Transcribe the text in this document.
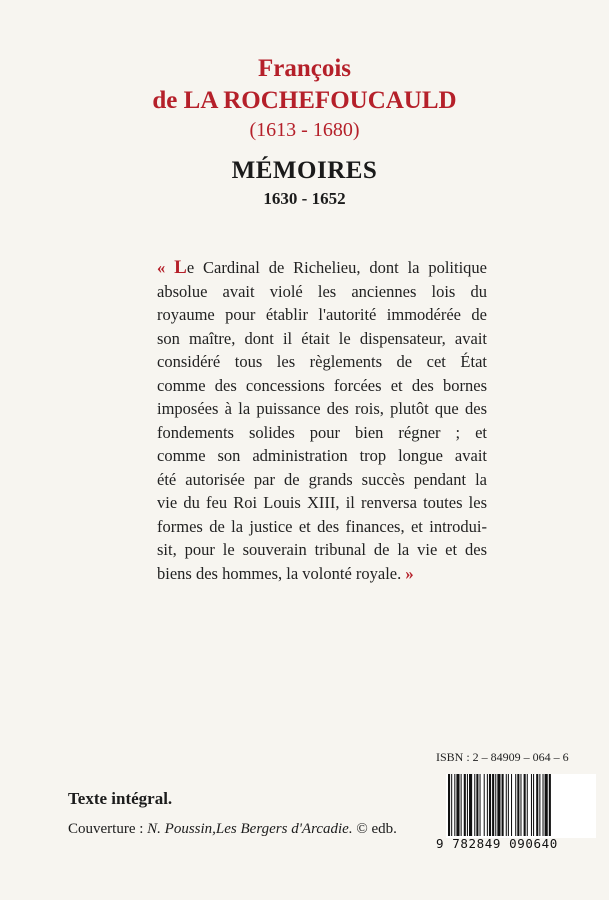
François
de LA ROCHEFOUCAULD
(1613 - 1680)
MÉMOIRES
1630 - 1652
« Le Cardinal de Richelieu, dont la politique
absolue avait violé les anciennes lois du
royaume pour établir l'autorité immodérée de
son maître, dont il était le dispensateur, avait
considéré tous les règlements de cet État
comme des concessions forcées et des bornes
imposées à la puissance des rois, plutôt que des
fondements solides pour bien régner ; et
comme son administration trop longue avait
été autorisée par de grands succès pendant la
vie du feu Roi Louis XIII, il renversa toutes les
formes de la justice et des finances, et introdui-
sit, pour le souverain tribunal de la vie et des
biens des hommes, la volonté royale. »
ISBN : 2 – 84909 – 064 – 6
9 782849 090640
Texte intégral.
Couverture : N. Poussin,Les Bergers d'Arcadie. © edb.
